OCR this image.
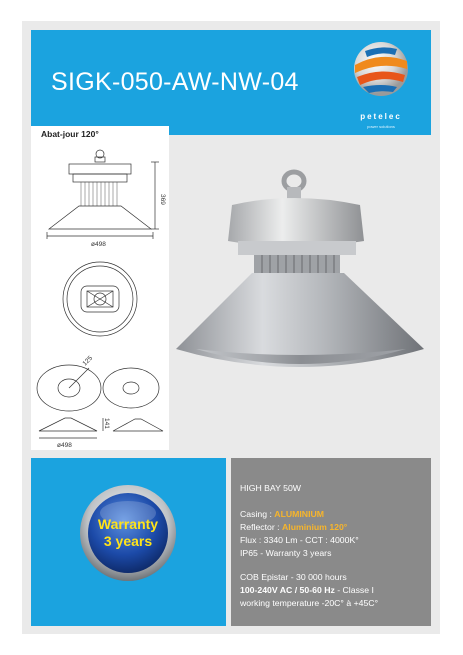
SIGK-050-AW-NW-04
petelec
power solutions
Abat-jour 120°
ø498
369
125
141
ø498
Warranty
3 years
HIGH BAY 50W
Casing : ALUMINIUM
Reflector : Aluminium 120°
Flux : 3340 Lm - CCT : 4000K°
IP65 - Warranty 3 years
COB Epistar - 30 000 hours
100-240V AC / 50-60 Hz - Classe I
working temperature -20C° à +45C°
